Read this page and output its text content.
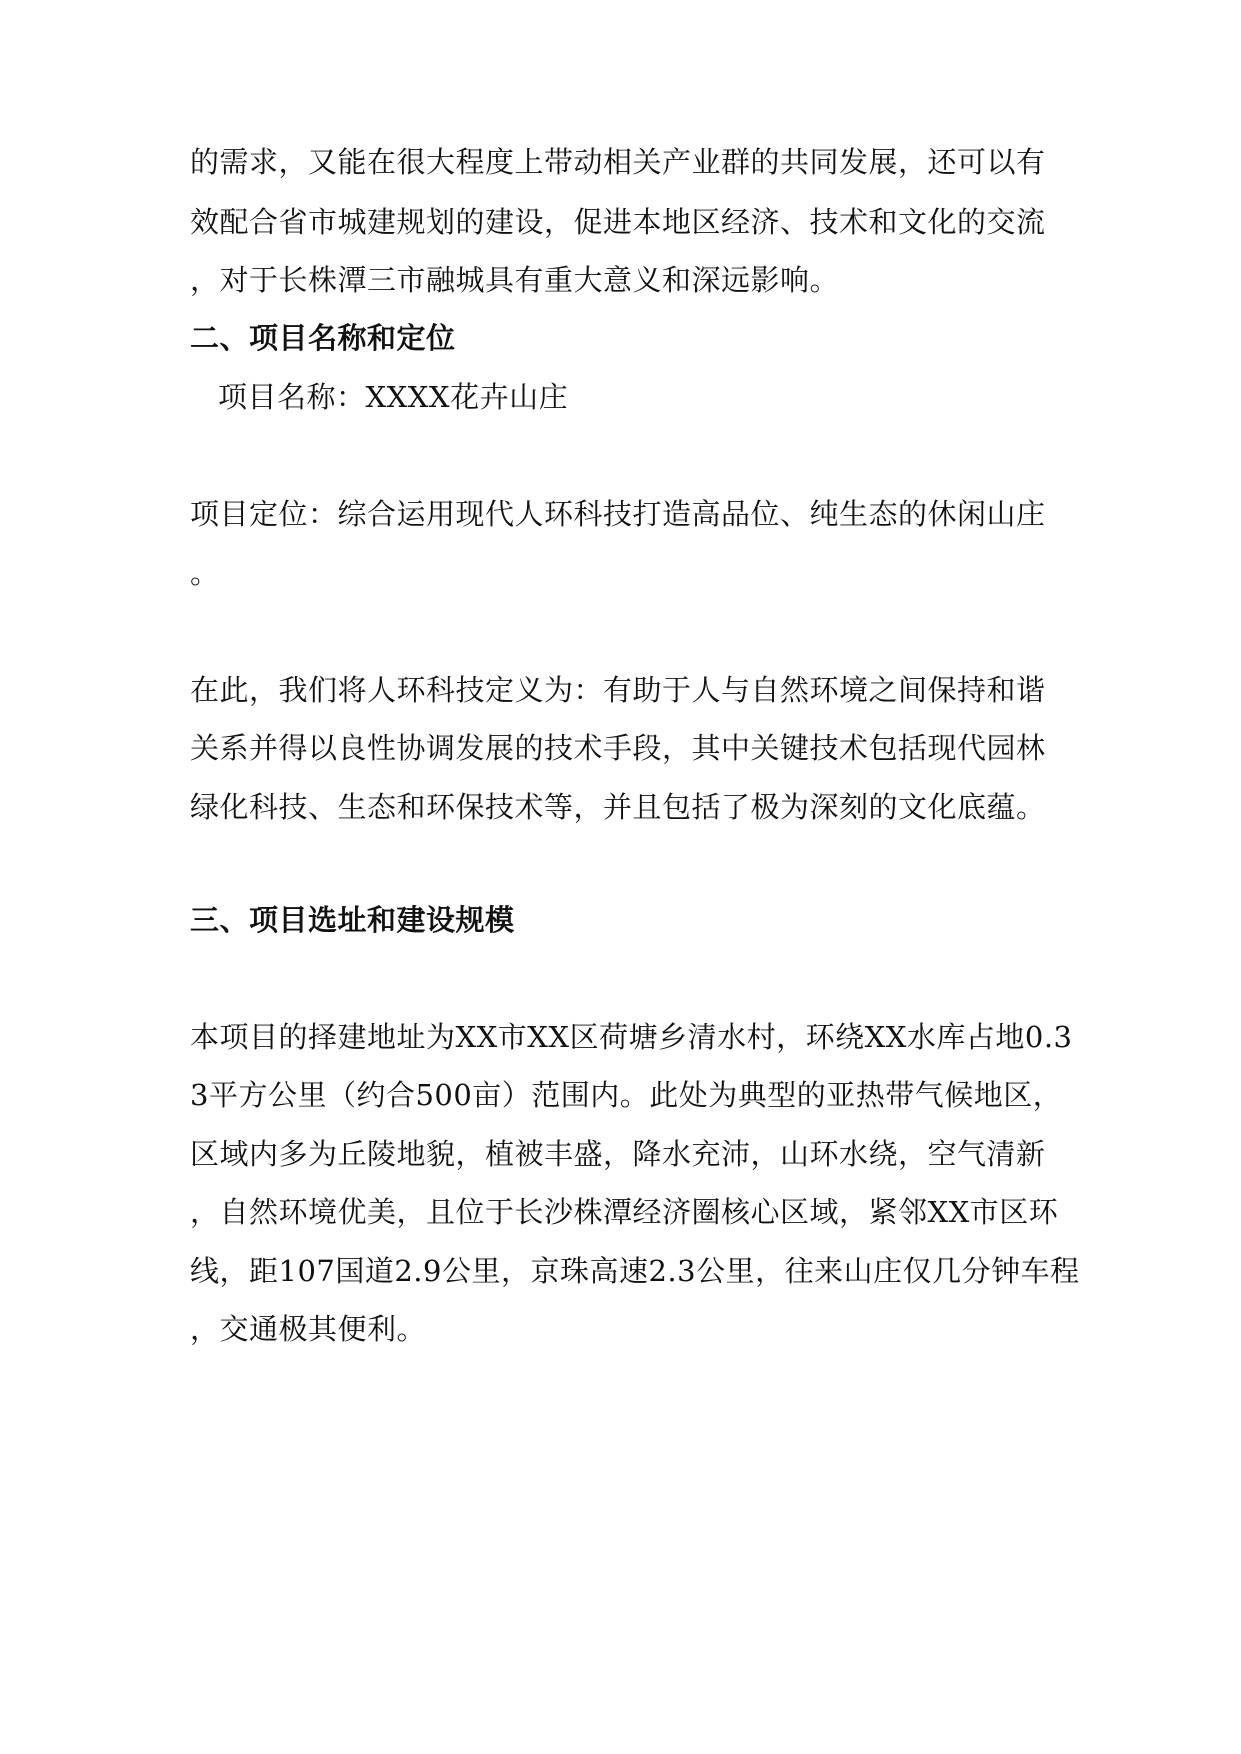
的需求，又能在很大程度上带动相关产业群的共同发展，还可以有

效配合省市城建规划的建设，促进本地区经济、技术和文化的交流

，对于长株潭三市融城具有重大意义和深远影响。

二、项目名称和定位

项目名称：XXXX花卉山庄

项目定位：综合运用现代人环科技打造高品位、纯生态的休闲山庄

。

在此，我们将人环科技定义为：有助于人与自然环境之间保持和谐

关系并得以良性协调发展的技术手段，其中关键技术包括现代园林

绿化科技、生态和环保技术等，并且包括了极为深刻的文化底蕴。

三、项目选址和建设规模

本项目的择建地址为XX市XX区荷塘乡清水村，环绕XX水库占地0.3

3平方公里（约合500亩）范围内。此处为典型的亚热带气候地区，

区域内多为丘陵地貌，植被丰盛，降水充沛，山环水绕，空气清新

，自然环境优美，且位于长沙株潭经济圈核心区域，紧邻XX市区环

线，距107国道2.9公里，京珠高速2.3公里，往来山庄仅几分钟车程

，交通极其便利。
